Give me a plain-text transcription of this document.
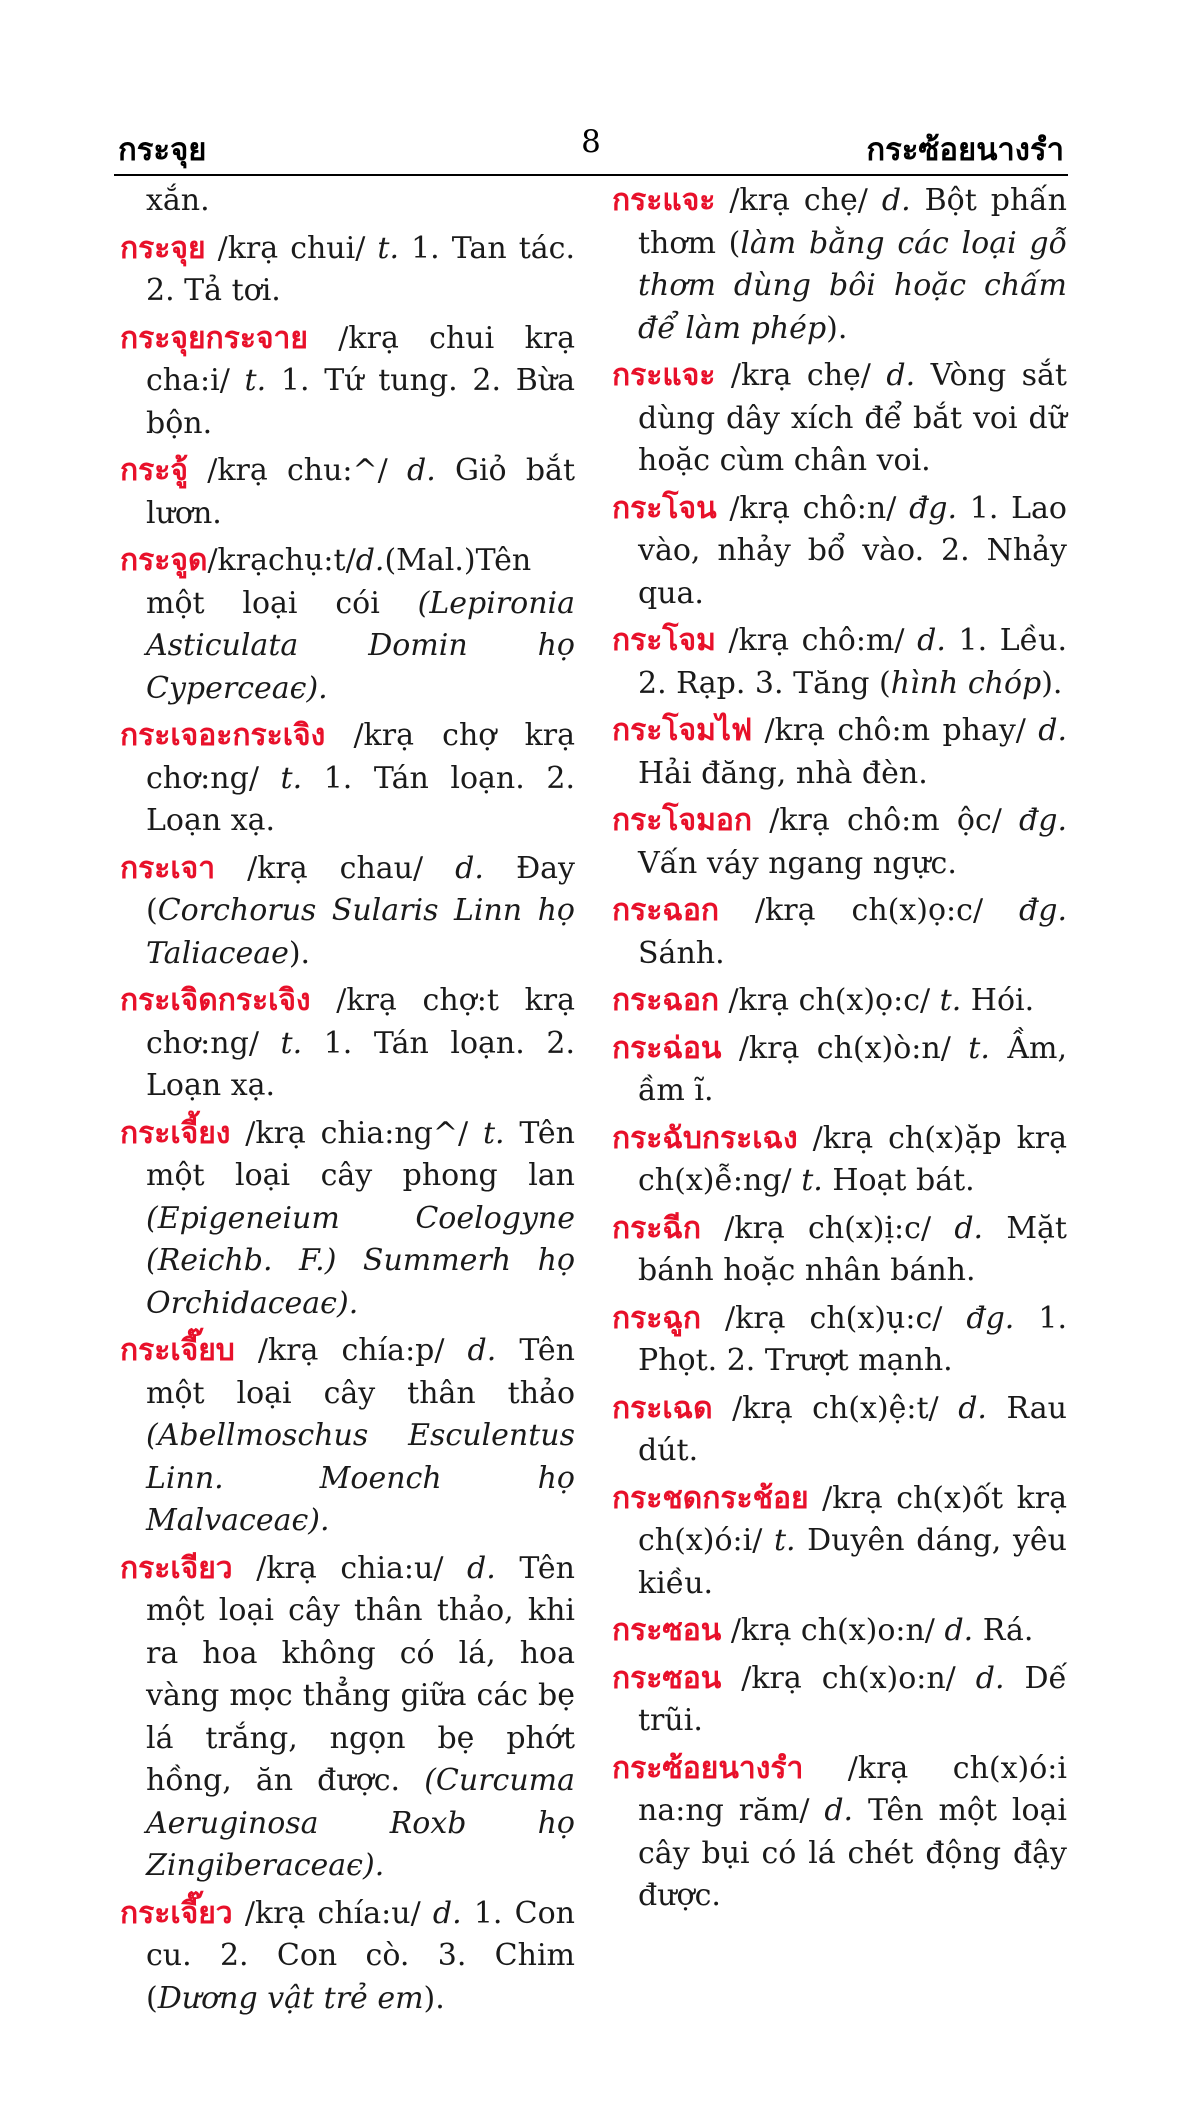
กระจุย	8	กระซ้อยนางรำ
xắn.
กระจุย /krạ chui/ t. 1. Tan tác. 2. Tả tơi.
กระจุยกระจาย /krạ chui krạ cha:i/ t. 1. Tứ tung. 2. Bừa bộn.
กระจู้ /krạ chu:^/ d. Giỏ bắt lươn.
กระจูด/krạchụ:t/d.(Mal.)Tên một loại cói (Lepironia Asticulata Domin họ Cyperceaє).
กระเจอะกระเจิง /krạ chợ krạ chơ:ng/ t. 1. Tán loạn. 2. Loạn xạ.
กระเจา /krạ chau/ d. Đay (Corchorus Sularis Linn họ Taliaceae).
กระเจิดกระเจิง /krạ chợ:t krạ chơ:ng/ t. 1. Tán loạn. 2. Loạn xạ.
กระเจี้ยง /krạ chia:ng^/ t. Tên một loại cây phong lan (Epigeneium Coelogyne (Reichb. F.) Summerh họ Orchidaceaє).
กระเจี๊ยบ /krạ chía:p/ d. Tên một loại cây thân thảo (Abellmoschus Esculentus Linn. Moench họ Malvaceaє).
กระเจียว /krạ chia:u/ d. Tên một loại cây thân thảo, khi ra hoa không có lá, hoa vàng mọc thẳng giữa các bẹ lá trắng, ngọn bẹ phớt hồng, ăn được. (Curcuma Aeruginosa Roxb họ Zingiberaceaє).
กระเจี๊ยว /krạ chía:u/ d. 1. Con cu. 2. Con cò. 3. Chim (Dương vật trẻ em).
กระแจะ /krạ chẹ/ d. Bột phấn thơm (làm bằng các loại gỗ thơm dùng bôi hoặc chấm để làm phép).
กระแจะ /krạ chẹ/ d. Vòng sắt dùng dây xích để bắt voi dữ hoặc cùm chân voi.
กระโจน /krạ chô:n/ đg. 1. Lao vào, nhảy bổ vào. 2. Nhảy qua.
กระโจม /krạ chô:m/ d. 1. Lều. 2. Rạp. 3. Tăng (hình chóp).
กระโจมไฟ /krạ chô:m phay/ d. Hải đăng, nhà đèn.
กระโจมอก /krạ chô:m ộc/ đg. Vấn váy ngang ngực.
กระฉอก /krạ ch(x)ọ:c/ đg. Sánh.
กระฉอก /krạ ch(x)ọ:c/ t. Hói.
กระฉ่อน /krạ ch(x)ò:n/ t. Ầm, ầm ĩ.
กระฉับกระเฉง /krạ ch(x)ặp krạ ch(x)ễ:ng/ t. Hoạt bát.
กระฉีก /krạ ch(x)ị:c/ d. Mặt bánh hoặc nhân bánh.
กระฉูก /krạ ch(x)ụ:c/ đg. 1. Phọt. 2. Trượt mạnh.
กระเฉด /krạ ch(x)ệ:t/ d. Rau dút.
กระชดกระช้อย /krạ ch(x)ốt krạ ch(x)ó:i/ t. Duyên dáng, yêu kiều.
กระซอน /krạ ch(x)o:n/ d. Rá.
กระซอน /krạ ch(x)o:n/ d. Dế trũi.
กระซ้อยนางรำ /krạ ch(x)ó:i na:ng răm/ d. Tên một loại cây bụi có lá chét động đậy được.
